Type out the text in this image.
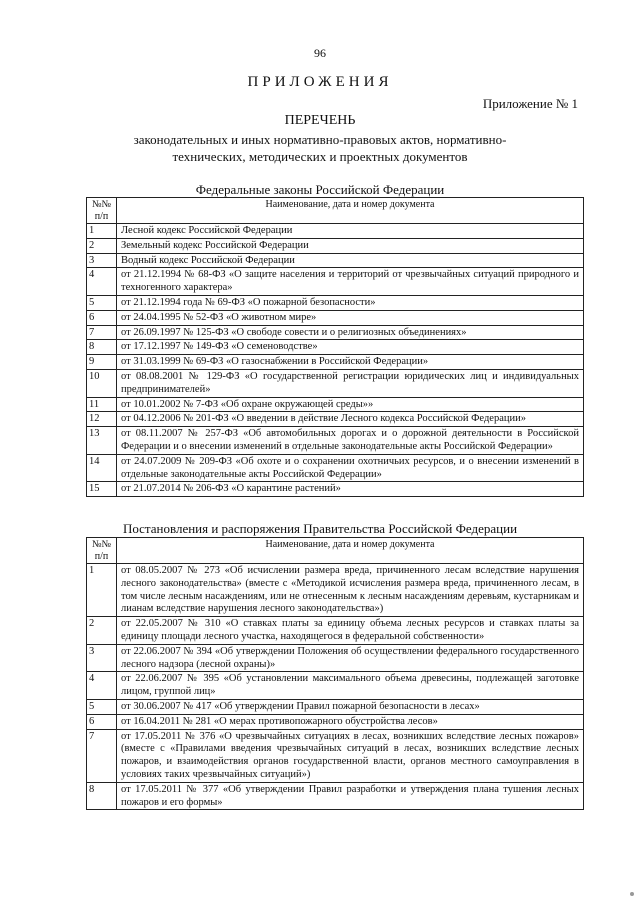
96
ПРИЛОЖЕНИЯ
Приложение № 1
ПЕРЕЧЕНЬ
законодательных и иных нормативно-правовых актов, нормативно-
технических, методических и проектных документов
Федеральные законы Российской Федерации
№№ п/п	Наименование, дата и номер документа
1	Лесной кодекс Российской Федерации
2	Земельный кодекс Российской Федерации
3	Водный кодекс Российской Федерации
4	от 21.12.1994 № 68-ФЗ «О защите населения и территорий от чрезвычайных ситуаций природного и техногенного характера»
5	от 21.12.1994 года № 69-ФЗ «О пожарной безопасности»
6	от 24.04.1995 № 52-ФЗ «О животном мире»
7	от 26.09.1997 № 125-ФЗ «О свободе совести и о религиозных объединениях»
8	от 17.12.1997 № 149-ФЗ «О семеноводстве»
9	от 31.03.1999 № 69-ФЗ «О газоснабжении в Российской Федерации»
10	от 08.08.2001 № 129-ФЗ «О государственной регистрации юридических лиц и индивидуальных предпринимателей»
11	от 10.01.2002 № 7-ФЗ «Об охране окружающей среды»»
12	от 04.12.2006 № 201-ФЗ «О введении в действие Лесного кодекса Российской Федерации»
13	от 08.11.2007 № 257-ФЗ «Об автомобильных дорогах и о дорожной деятельности в Российской Федерации и о внесении изменений в отдельные законодательные акты Российской Федерации»
14	от 24.07.2009 № 209-ФЗ «Об охоте и о сохранении охотничьих ресурсов, и о внесении изменений в отдельные законодательные акты Российской Федерации»
15	от 21.07.2014 № 206-ФЗ «О карантине растений»
Постановления и распоряжения Правительства Российской Федерации
№№ п/п	Наименование, дата и номер документа
1	от 08.05.2007 № 273 «Об исчислении размера вреда, причиненного лесам вследствие нарушения лесного законодательства» (вместе с «Методикой исчисления размера вреда, причиненного лесам, в том числе лесным насаждениям, или не отнесенным к лесным насаждениям деревьям, кустарникам и лианам вследствие нарушения лесного законодательства»)
2	от 22.05.2007 № 310 «О ставках платы за единицу объема лесных ресурсов и ставках платы за единицу площади лесного участка, находящегося в федеральной собственности»
3	от 22.06.2007 № 394 «Об утверждении Положения об осуществлении федерального государственного лесного надзора (лесной охраны)»
4	от 22.06.2007 № 395 «Об установлении максимального объема древесины, подлежащей заготовке лицом, группой лиц»
5	от 30.06.2007 № 417 «Об утверждении Правил пожарной безопасности в лесах»
6	от 16.04.2011 № 281 «О мерах противопожарного обустройства лесов»
7	от 17.05.2011 № 376 «О чрезвычайных ситуациях в лесах, возникших вследствие лесных пожаров» (вместе с «Правилами введения чрезвычайных ситуаций в лесах, возникших вследствие лесных пожаров, и взаимодействия органов государственной власти, органов местного самоуправления в условиях таких чрезвычайных ситуаций»)
8	от 17.05.2011 № 377 «Об утверждении Правил разработки и утверждения плана тушения лесных пожаров и его формы»
